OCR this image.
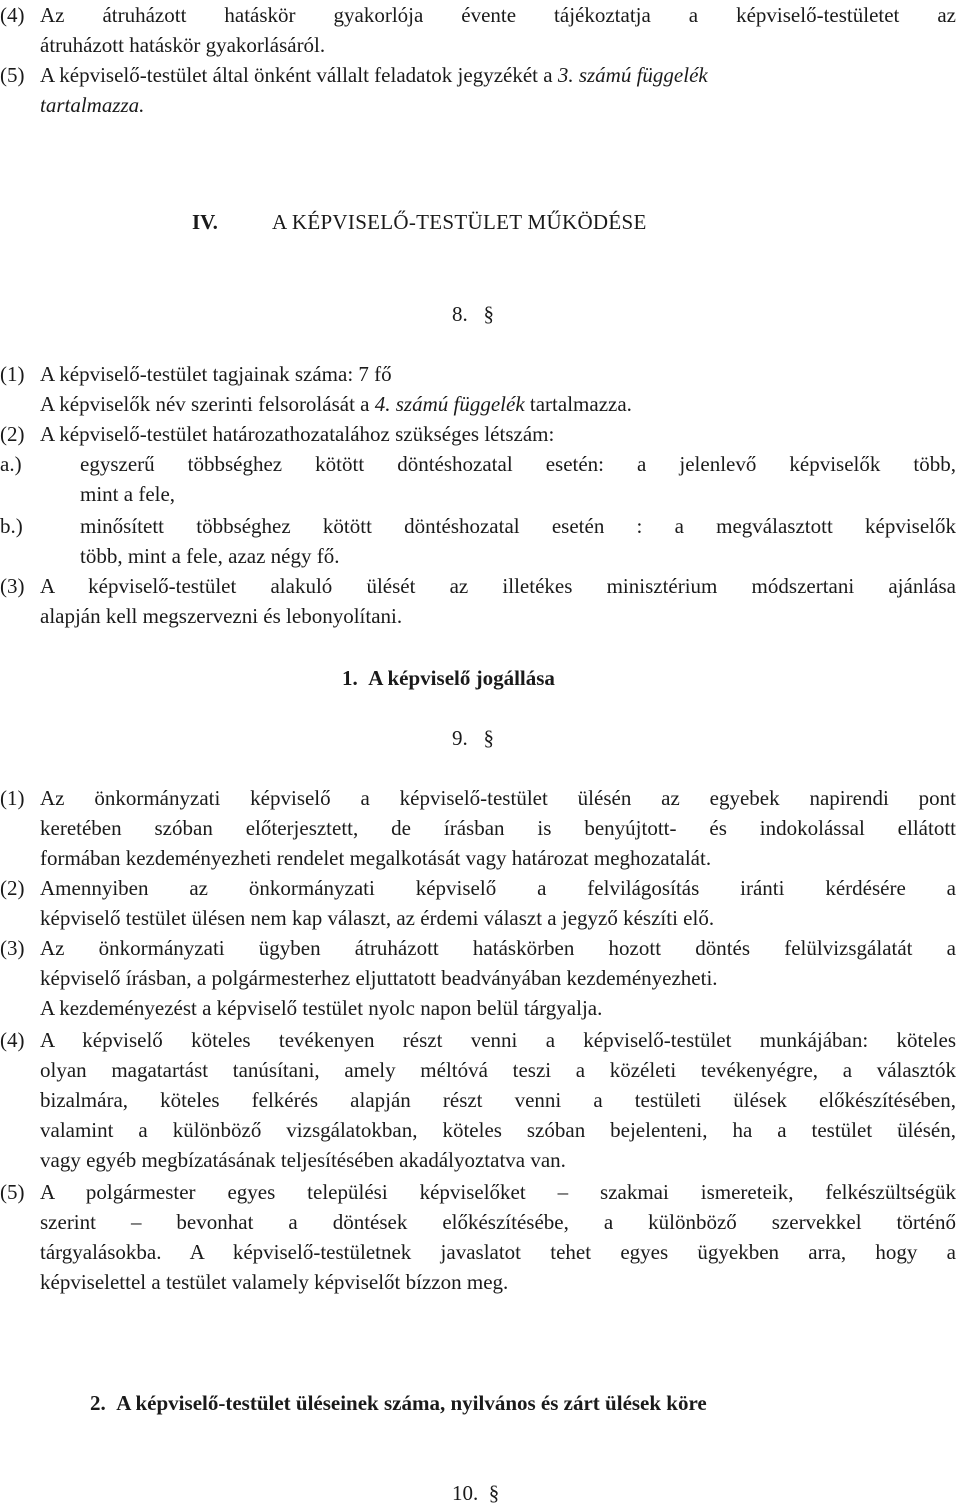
(4) Az átruházott hatáskör gyakorlója évente tájékoztatja a képviselő-testületet az
átruházott hatáskör gyakorlásáról.
(5) A képviselő-testület által önként vállalt feladatok jegyzékét a 3. számú függelék
tartalmazza.
IV.	A KÉPVISELŐ-TESTÜLET MŰKÖDÉSE
8. §
(1) A képviselő-testület tagjainak száma: 7 fő
A képviselők név szerinti felsorolását a 4. számú függelék tartalmazza.
(2) A képviselő-testület határozathozatalához szükséges létszám:
a.)	egyszerű többséghez kötött döntéshozatal esetén: a jelenlevő képviselők több,
mint a fele,
b.)	minősített többséghez kötött döntéshozatal esetén : a megválasztott képviselők
több, mint a fele, azaz négy fő.
(3) A képviselő-testület alakuló ülését az illetékes minisztérium módszertani ajánlása
alapján kell megszervezni és lebonyolítani.
1. A képviselő jogállása
9. §
(1) Az önkormányzati képviselő a képviselő-testület ülésén az egyebek napirendi pont
keretében szóban előterjesztett, de írásban is benyújtott- és indokolással ellátott
formában kezdeményezheti rendelet megalkotását vagy határozat meghozatalát.
(2) Amennyiben az önkormányzati képviselő a felvilágosítás iránti kérdésére a
képviselő testület ülésen nem kap választ, az érdemi választ a jegyző készíti elő.
(3) Az önkormányzati ügyben átruházott hatáskörben hozott döntés felülvizsgálatát a
képviselő írásban, a polgármesterhez eljuttatott beadványában kezdeményezheti.
A kezdeményezést a képviselő testület nyolc napon belül tárgyalja.
(4) A képviselő köteles tevékenyen részt venni a képviselő-testület munkájában: köteles
olyan magatartást tanúsítani, amely méltóvá teszi a közéleti tevékenyégre, a választók
bizalmára, köteles felkérés alapján részt venni a testületi ülések előkészítésében,
valamint a különböző vizsgálatokban, köteles szóban bejelenteni, ha a testület ülésén,
vagy egyéb megbízatásának teljesítésében akadályoztatva van.
(5) A polgármester egyes települési képviselőket – szakmai ismereteik, felkészültségük
szerint – bevonhat a döntések előkészítésébe, a különböző szervekkel történő
tárgyalásokba. A képviselő-testületnek javaslatot tehet egyes ügyekben arra, hogy a
képviselettel a testület valamely képviselőt bízzon meg.
2. A képviselő-testület üléseinek száma, nyilvános és zárt ülések köre
10. §
